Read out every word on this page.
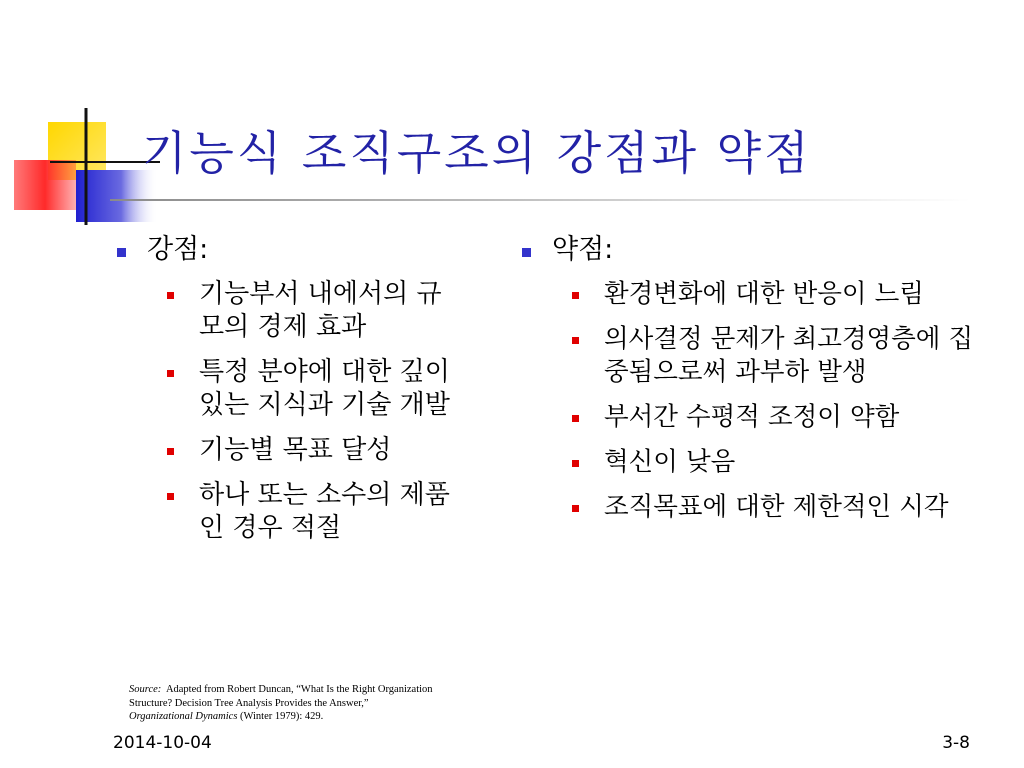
기능식 조직구조의 강점과 약점
강점:
기능부서 내에서의 규모의 경제 효과
특정 분야에 대한 깊이 있는 지식과 기술 개발
기능별 목표 달성
하나 또는 소수의 제품인 경우 적절
약점:
환경변화에 대한 반응이 느림
의사결정 문제가 최고경영층에 집중됨으로써 과부하 발생
부서간 수평적 조정이 약함
혁신이 낮음
조직목표에 대한 제한적인 시각
Source: Adapted from Robert Duncan, “What Is the Right Organization Structure? Decision Tree Analysis Provides the Answer,”
Organizational Dynamics (Winter 1979): 429.
2014-10-04	3-8
